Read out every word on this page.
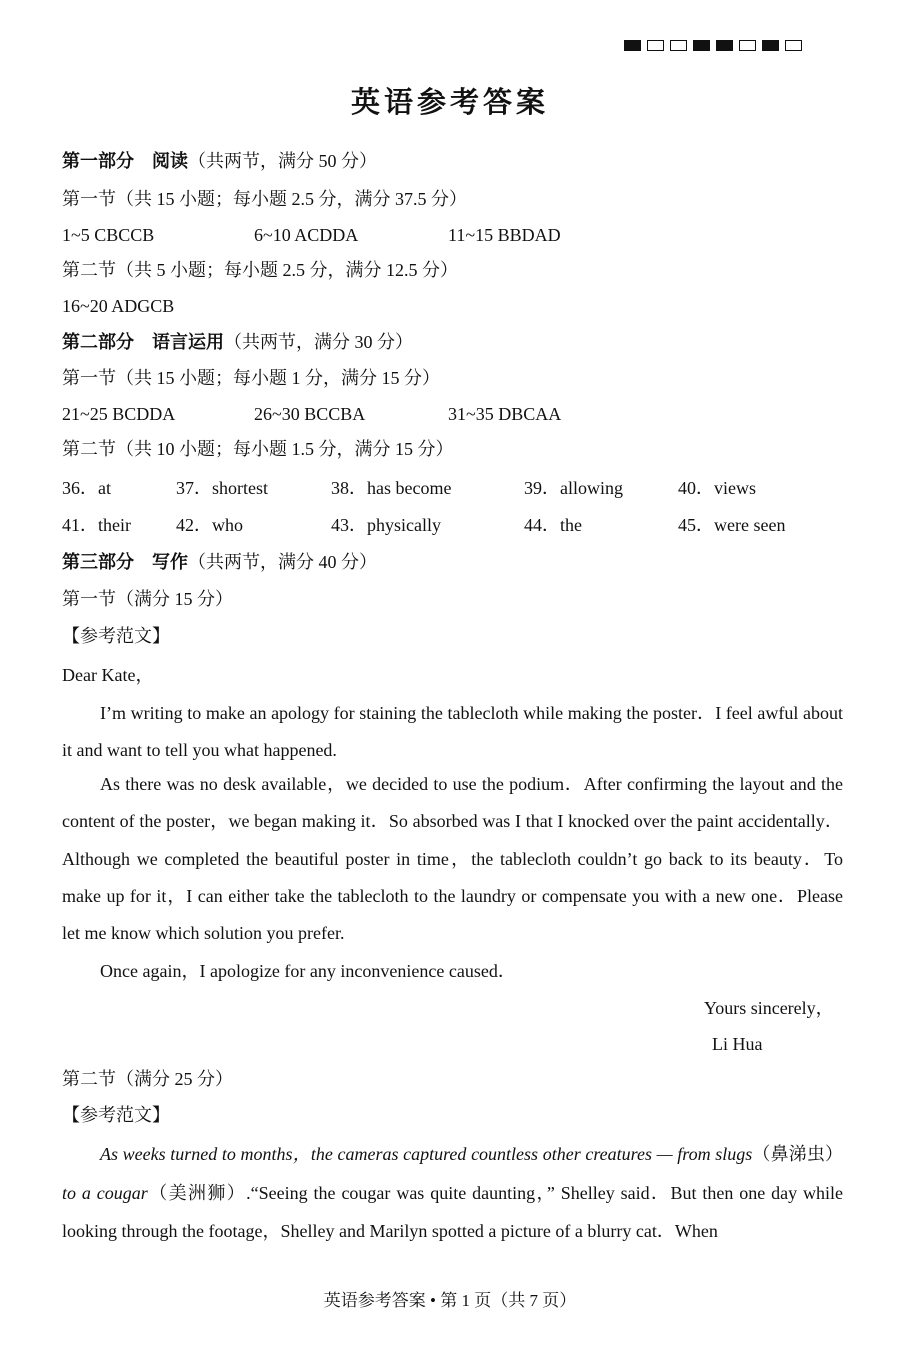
英语参考答案
第一部分　阅读（共两节，满分 50 分）
第一节（共 15 小题；每小题 2.5 分，满分 37.5 分）
1~5 CBCCB	6~10 ACDDA	11~15 BBDAD
第二节（共 5 小题；每小题 2.5 分，满分 12.5 分）
16~20 ADGCB
第二部分　语言运用（共两节，满分 30 分）
第一节（共 15 小题；每小题 1 分，满分 15 分）
21~25 BCDDA	26~30 BCCBA	31~35 DBCAA
第二节（共 10 小题；每小题 1.5 分，满分 15 分）
36．at	37．shortest	38．has become	39．allowing	40．views
41．their	42．who	43．physically	44．the	45．were seen
第三部分　写作（共两节，满分 40 分）
第一节（满分 15 分）
【参考范文】
Dear Kate，
I’m writing to make an apology for staining the tablecloth while making the poster．I feel awful about it and want to tell you what happened.
As there was no desk available，we decided to use the podium．After confirming the layout and the content of the poster，we began making it．So absorbed was I that I knocked over the paint accidentally．Although we completed the beautiful poster in time，the tablecloth couldn’t go back to its beauty．To make up for it，I can either take the tablecloth to the laundry or compensate you with a new one．Please let me know which solution you prefer.
Once again，I apologize for any inconvenience caused．
Yours sincerely，
Li Hua
第二节（满分 25 分）
【参考范文】
As weeks turned to months，the cameras captured countless other creatures — from slugs（鼻涕虫）to a cougar（美洲狮）.“Seeing the cougar was quite daunting，” Shelley said．But then one day while looking through the footage，Shelley and Marilyn spotted a picture of a blurry cat．When
英语参考答案 • 第 1 页（共 7 页）
